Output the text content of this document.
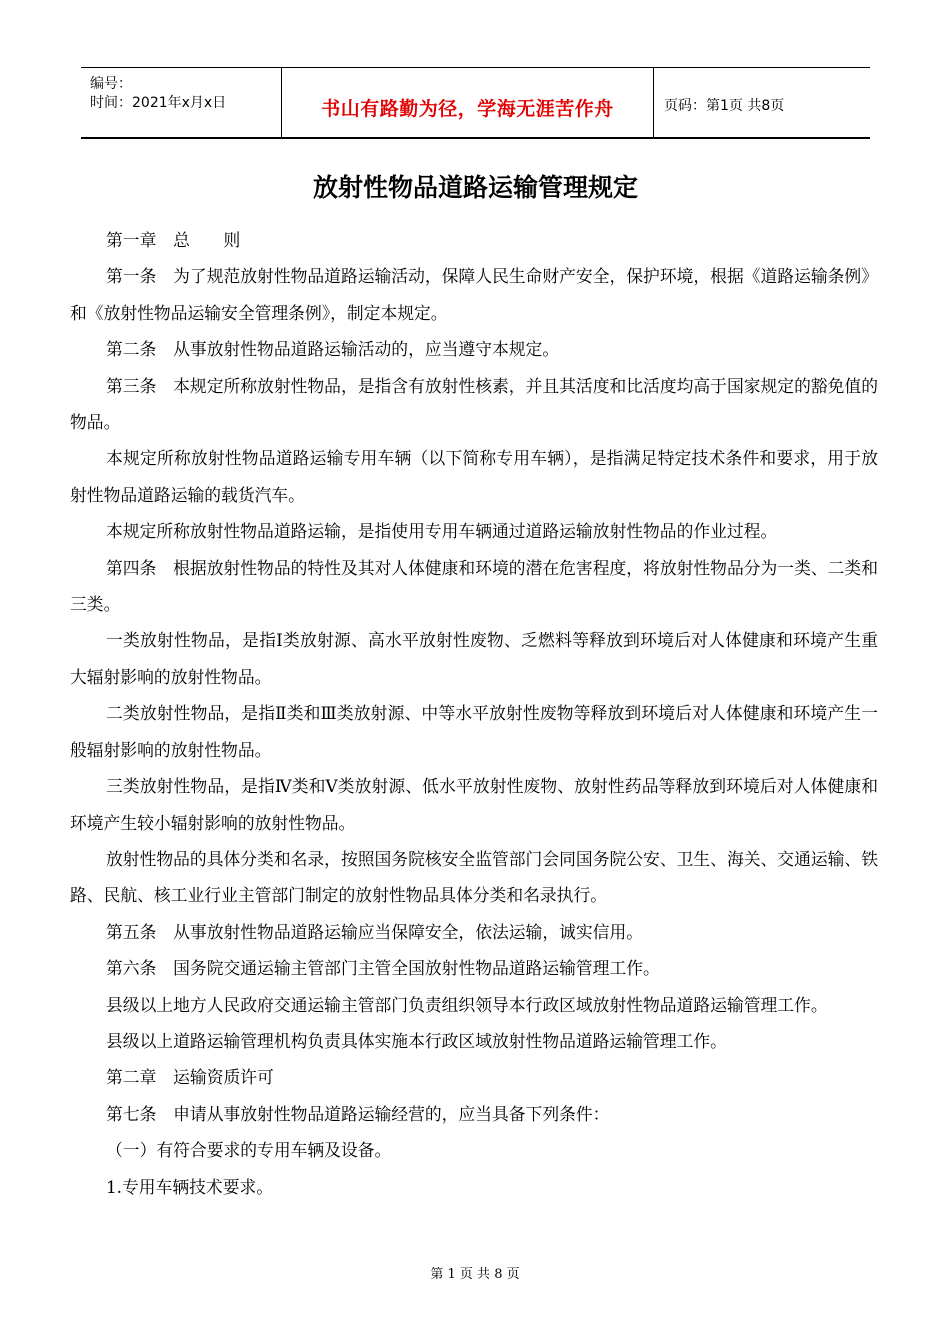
编号：
时间：2021年x月x日	书山有路勤为径，学海无涯苦作舟	页码：第1页 共8页
放射性物品道路运输管理规定

第一章　总　　则

第一条　为了规范放射性物品道路运输活动，保障人民生命财产安全，保护环境，根据《道路运输条例》和《放射性物品运输安全管理条例》，制定本规定。

第二条　从事放射性物品道路运输活动的，应当遵守本规定。

第三条　本规定所称放射性物品，是指含有放射性核素，并且其活度和比活度均高于国家规定的豁免值的物品。

本规定所称放射性物品道路运输专用车辆（以下简称专用车辆），是指满足特定技术条件和要求，用于放射性物品道路运输的载货汽车。

本规定所称放射性物品道路运输，是指使用专用车辆通过道路运输放射性物品的作业过程。

第四条　根据放射性物品的特性及其对人体健康和环境的潜在危害程度，将放射性物品分为一类、二类和三类。

一类放射性物品，是指Ⅰ类放射源、高水平放射性废物、乏燃料等释放到环境后对人体健康和环境产生重大辐射影响的放射性物品。

二类放射性物品，是指Ⅱ类和Ⅲ类放射源、中等水平放射性废物等释放到环境后对人体健康和环境产生一般辐射影响的放射性物品。

三类放射性物品，是指Ⅳ类和Ⅴ类放射源、低水平放射性废物、放射性药品等释放到环境后对人体健康和环境产生较小辐射影响的放射性物品。

放射性物品的具体分类和名录，按照国务院核安全监管部门会同国务院公安、卫生、海关、交通运输、铁路、民航、核工业行业主管部门制定的放射性物品具体分类和名录执行。

第五条　从事放射性物品道路运输应当保障安全，依法运输，诚实信用。

第六条　国务院交通运输主管部门主管全国放射性物品道路运输管理工作。

县级以上地方人民政府交通运输主管部门负责组织领导本行政区域放射性物品道路运输管理工作。

县级以上道路运输管理机构负责具体实施本行政区域放射性物品道路运输管理工作。

第二章　运输资质许可

第七条　申请从事放射性物品道路运输经营的，应当具备下列条件：

（一）有符合要求的专用车辆及设备。

1.专用车辆技术要求。

第 1 页 共 8 页
